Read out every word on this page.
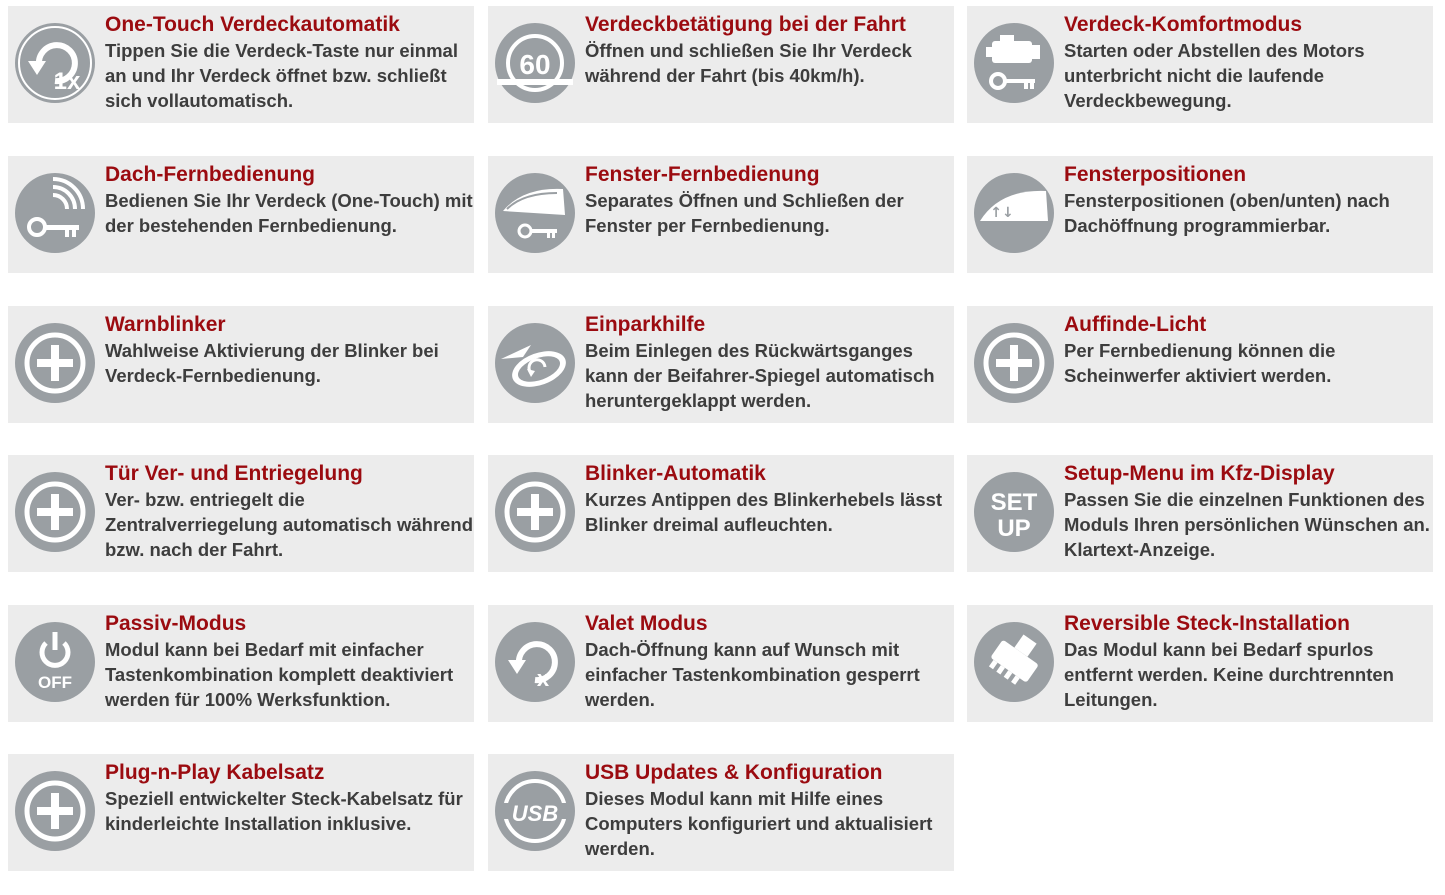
1x
One-Touch Verdeckautomatik
Tippen Sie die Verdeck-Taste nur einmal an und Ihr Verdeck öffnet bzw. schließt sich vollautomatisch.
60
Verdeckbetätigung bei der Fahrt
Öffnen und schließen Sie Ihr Verdeck während der Fahrt (bis 40km/h).
Verdeck-Komfortmodus
Starten oder Abstellen des Motors unterbricht nicht die laufende Verdeckbewegung.
Dach-Fernbedienung
Bedienen Sie Ihr Verdeck (One-Touch) mit der bestehenden Fernbedienung.
Fenster-Fernbedienung
Separates Öffnen und Schließen der Fenster per Fernbedienung.
↑↓
Fensterpositionen
Fensterpositionen (oben/unten) nach Dachöffnung programmierbar.
Warnblinker
Wahlweise Aktivierung der Blinker bei Verdeck-Fernbedienung.
Einparkhilfe
Beim Einlegen des Rückwärtsganges kann der Beifahrer-Spiegel automatisch heruntergeklappt werden.
Auffinde-Licht
Per Fernbedienung können die Scheinwerfer aktiviert werden.
Tür Ver- und Entriegelung
Ver- bzw. entriegelt die Zentralverriegelung automatisch während bzw. nach der Fahrt.
Blinker-Automatik
Kurzes Antippen des Blinkerhebels lässt Blinker dreimal aufleuchten.
SET
UP
Setup-Menu im Kfz-Display
Passen Sie die einzelnen Funktionen des Moduls Ihren persönlichen Wünschen an. Klartext-Anzeige.
OFF
Passiv-Modus
Modul kann bei Bedarf mit einfacher Tastenkombination komplett deaktiviert werden für 100% Werksfunktion.
x
Valet Modus
Dach-Öffnung kann auf Wunsch mit einfacher Tastenkombination gesperrt werden.
Reversible Steck-Installation
Das Modul kann bei Bedarf spurlos entfernt werden. Keine durchtrennten Leitungen.
Plug-n-Play Kabelsatz
Speziell entwickelter Steck-Kabelsatz für kinderleichte Installation inklusive.	USB
USB Updates & Konfiguration
Dieses Modul kann mit Hilfe eines Computers konfiguriert und aktualisiert werden.
